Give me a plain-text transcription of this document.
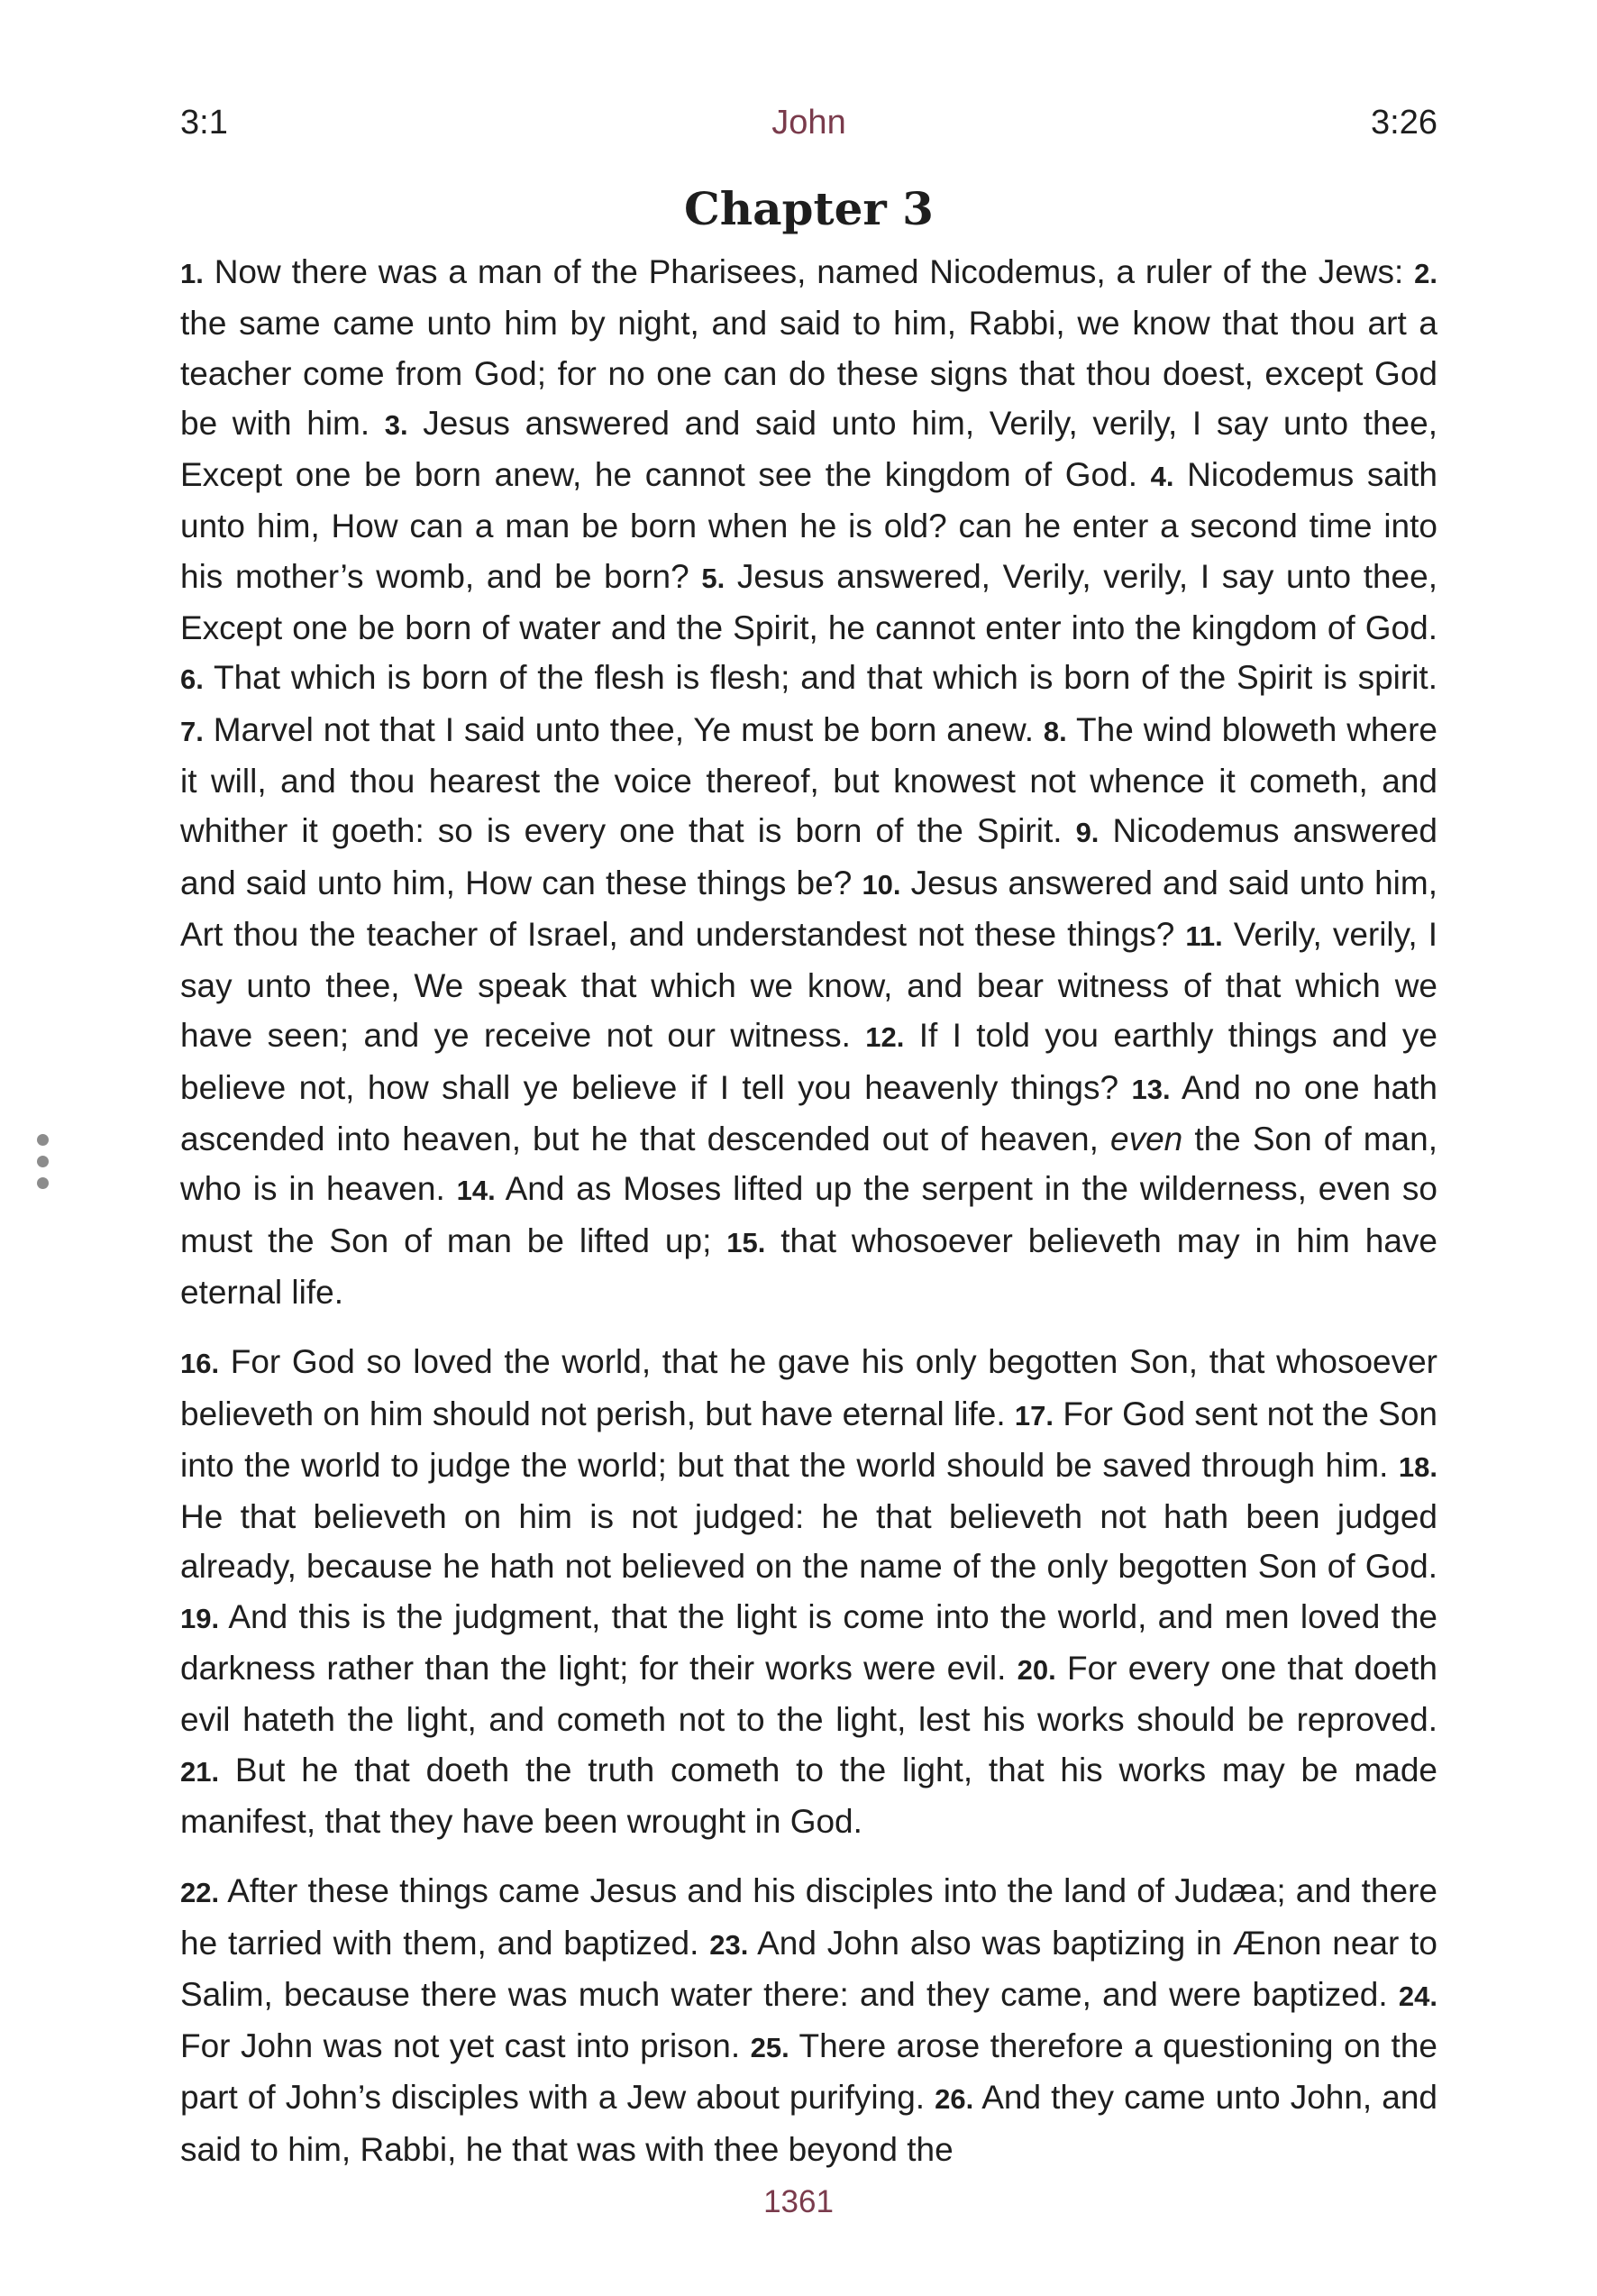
3:1	John	3:26
Chapter 3

1. Now there was a man of the Pharisees, named Nicodemus, a ruler of the Jews: 2. the same came unto him by night, and said to him, Rabbi, we know that thou art a teacher come from God; for no one can do these signs that thou doest, except God be with him. 3. Jesus answered and said unto him, Verily, verily, I say unto thee, Except one be born anew, he cannot see the kingdom of God. 4. Nicodemus saith unto him, How can a man be born when he is old? can he enter a second time into his mother’s womb, and be born? 5. Jesus answered, Verily, verily, I say unto thee, Except one be born of water and the Spirit, he cannot enter into the kingdom of God. 6. That which is born of the flesh is flesh; and that which is born of the Spirit is spirit. 7. Marvel not that I said unto thee, Ye must be born anew. 8. The wind bloweth where it will, and thou hearest the voice thereof, but knowest not whence it cometh, and whither it goeth: so is every one that is born of the Spirit. 9. Nicodemus answered and said unto him, How can these things be? 10. Jesus answered and said unto him, Art thou the teacher of Israel, and understandest not these things? 11. Verily, verily, I say unto thee, We speak that which we know, and bear witness of that which we have seen; and ye receive not our witness. 12. If I told you earthly things and ye believe not, how shall ye believe if I tell you heavenly things? 13. And no one hath ascended into heaven, but he that descended out of heaven, even the Son of man, who is in heaven. 14. And as Moses lifted up the serpent in the wilderness, even so must the Son of man be lifted up; 15. that whosoever believeth may in him have eternal life.

16. For God so loved the world, that he gave his only begotten Son, that whosoever believeth on him should not perish, but have eternal life. 17. For God sent not the Son into the world to judge the world; but that the world should be saved through him. 18. He that believeth on him is not judged: he that believeth not hath been judged already, because he hath not believed on the name of the only begotten Son of God. 19. And this is the judgment, that the light is come into the world, and men loved the darkness rather than the light; for their works were evil. 20. For every one that doeth evil hateth the light, and cometh not to the light, lest his works should be reproved. 21. But he that doeth the truth cometh to the light, that his works may be made manifest, that they have been wrought in God.

22. After these things came Jesus and his disciples into the land of Judæa; and there he tarried with them, and baptized. 23. And John also was baptizing in Ænon near to Salim, because there was much water there: and they came, and were baptized. 24. For John was not yet cast into prison. 25. There arose therefore a questioning on the part of John’s disciples with a Jew about purifying. 26. And they came unto John, and said to him, Rabbi, he that was with thee beyond the

1361
